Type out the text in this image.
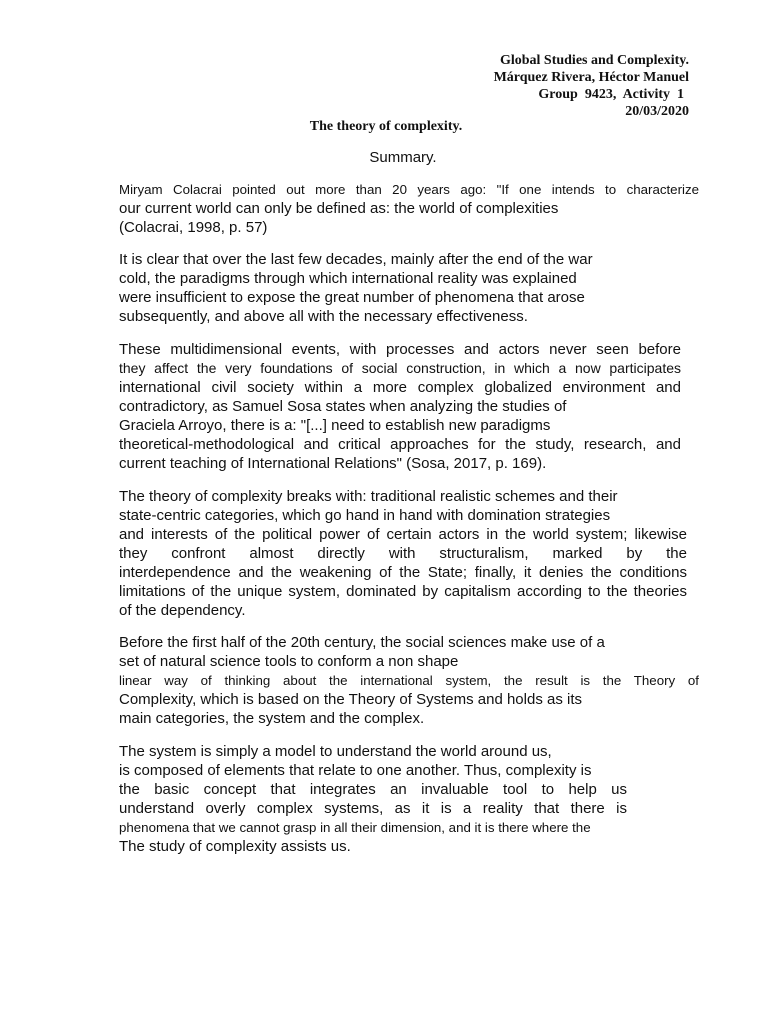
Global Studies and Complexity.
Márquez Rivera, Héctor Manuel
Group  9423,  Activity  1
20/03/2020
The theory of complexity.
Summary.
Miryam Colacrai pointed out more than 20 years ago: "If one intends to characterize
our current world can only be defined as: the world of complexities
(Colacrai, 1998, p. 57)
It is clear that over the last few decades, mainly after the end of the war
cold, the paradigms through which international reality was explained
were insufficient to expose the great number of phenomena that arose
subsequently, and above all with the necessary effectiveness.
These multidimensional events, with processes and actors never seen before
they affect the very foundations of social construction, in which a now participates
international civil society within a more complex globalized environment and
contradictory, as Samuel Sosa states when analyzing the studies of
Graciela Arroyo, there is a: "[...] need to establish new paradigms
theoretical-methodological and critical approaches for the study, research, and
current teaching of International Relations" (Sosa, 2017, p. 169).
The theory of complexity breaks with: traditional realistic schemes and their
state-centric categories, which go hand in hand with domination strategies
and interests of the political power of certain actors in the world system; likewise
they confront almost directly with structuralism, marked by the
interdependence and the weakening of the State; finally, it denies the conditions
limitations of the unique system, dominated by capitalism according to the theories
of the dependency.
Before the first half of the 20th century, the social sciences make use of a
set of natural science tools to conform a non shape
linear way of thinking about the international system, the result is the Theory of
Complexity, which is based on the Theory of Systems and holds as its
main categories, the system and the complex.
The system is simply a model to understand the world around us,
is composed of elements that relate to one another. Thus, complexity is
the basic concept that integrates an invaluable tool to help us
understand overly complex systems, as it is a reality that there is
phenomena that we cannot grasp in all their dimension, and it is there where the
The study of complexity assists us.
